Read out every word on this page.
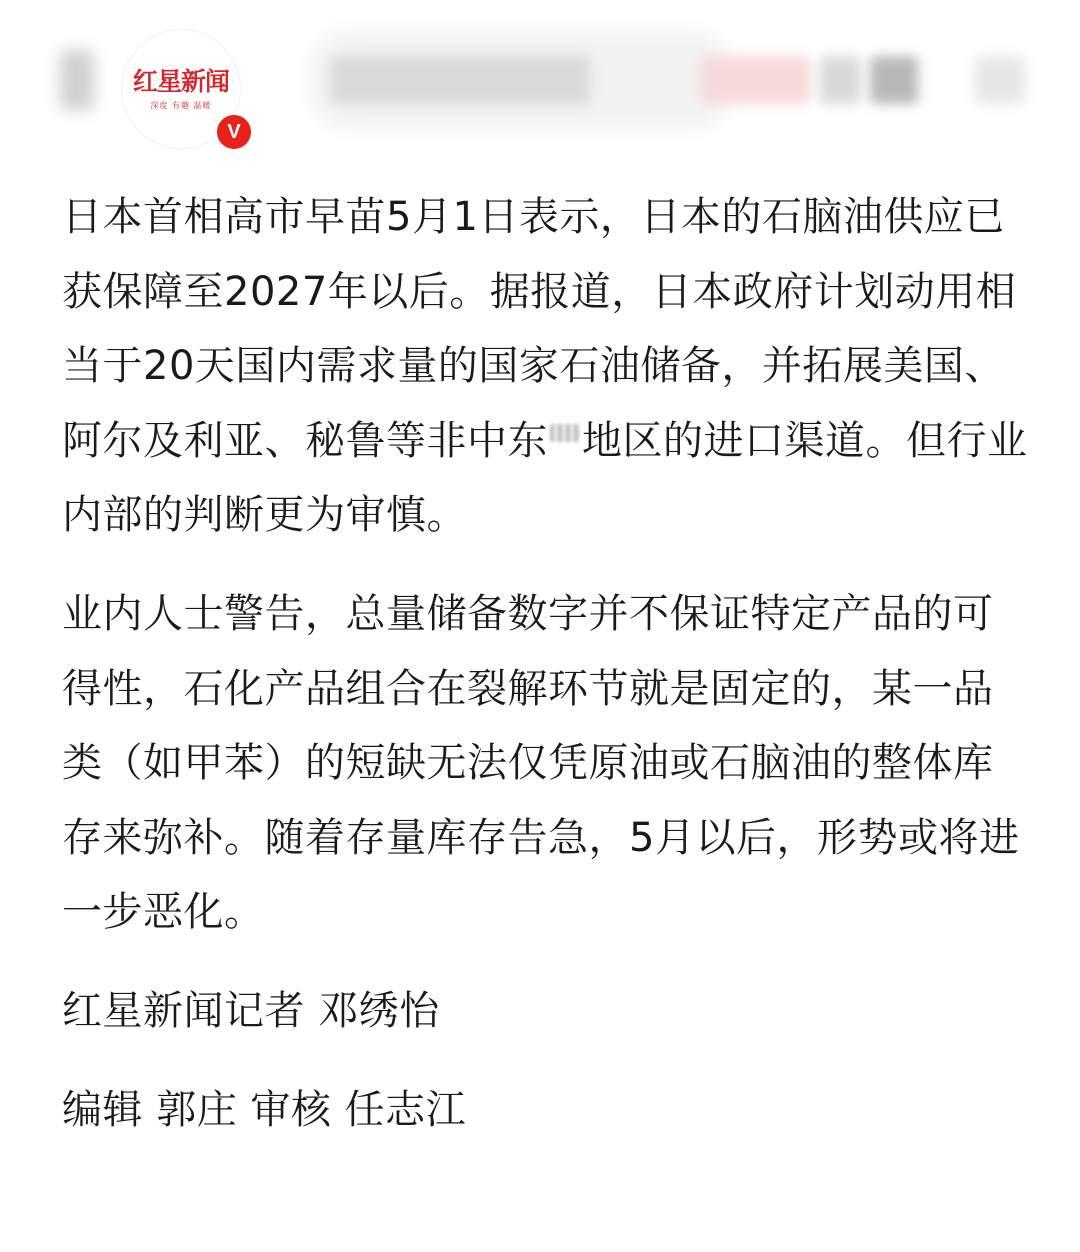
红星新闻
深度 有趣 温暖
V

日本首相高市早苗5月1日表示，日本的石脑油供应已获保障至2027年以后。据报道，日本政府计划动用相当于20天国内需求量的国家石油储备，并拓展美国、阿尔及利亚、秘鲁等非中东 地区的进口渠道。但行业内部的判断更为审慎。

业内人士警告，总量储备数字并不保证特定产品的可得性，石化产品组合在裂解环节就是固定的，某一品类（如甲苯）的短缺无法仅凭原油或石脑油的整体库存来弥补。随着存量库存告急，5月以后，形势或将进一步恶化。

红星新闻记者 邓绣怡

编辑 郭庄 审核 任志江
